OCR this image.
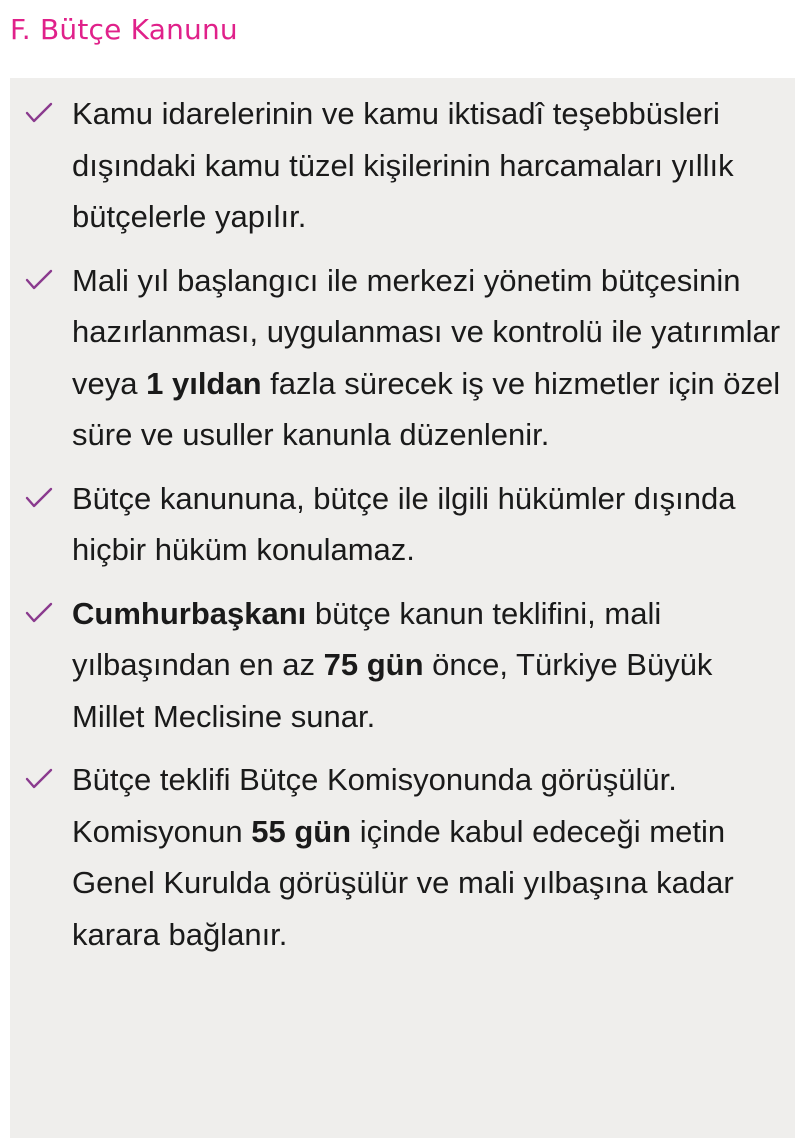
F. Bütçe Kanunu
Kamu idarelerinin ve kamu iktisadî teşebbüsleri dışındaki kamu tüzel kişilerinin harcamaları yıllık bütçelerle yapılır.
Mali yıl başlangıcı ile merkezi yönetim bütçesinin hazırlanması, uygulanması ve kontrolü ile yatırımlar veya 1 yıldan fazla sürecek iş ve hizmetler için özel süre ve usuller kanunla düzenlenir.
Bütçe kanununa, bütçe ile ilgili hükümler dışında hiçbir hüküm konulamaz.
Cumhurbaşkanı bütçe kanun teklifini, mali yılbaşından en az 75 gün önce, Türkiye Büyük Millet Meclisine sunar.
Bütçe teklifi Bütçe Komisyonunda görüşülür. Komisyonun 55 gün içinde kabul edeceği metin Genel Kurulda görüşülür ve mali yılbaşına kadar karara bağlanır.
